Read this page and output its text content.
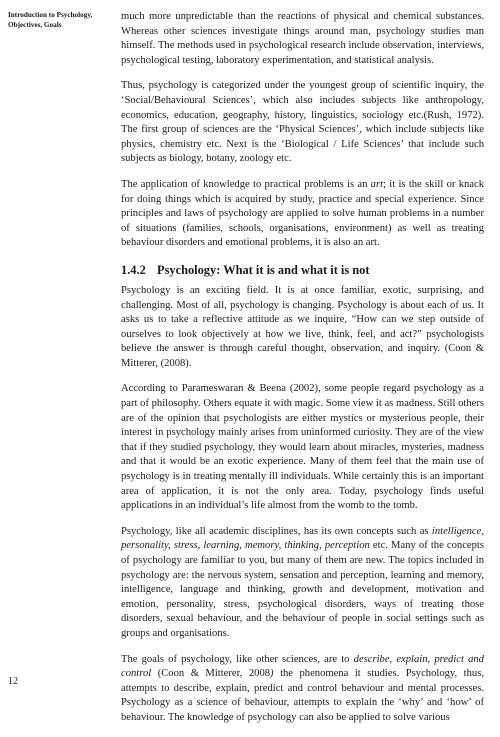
Introduction to Psychology,
Objectives, Goals

much more unpredictable than the reactions of physical and chemical substances. Whereas other sciences investigate things around man, psychology studies man himself. The methods used in psychological research include observation, interviews, psychological testing, laboratory experimentation, and statistical analysis.

Thus, psychology is categorized under the youngest group of scientific inquiry, the ‘Social/Behavioural Sciences’, which also includes subjects like anthropology, economics, education, geography, history, linguistics, sociology etc.(Rush, 1972). The first group of sciences are the ‘Physical Sciences’, which include subjects like physics, chemistry etc. Next is the ‘Biological / Life Sciences’ that include such subjects as biology, botany, zoology etc.

The application of knowledge to practical problems is an art; it is the skill or knack for doing things which is acquired by study, practice and special experience. Since principles and laws of psychology are applied to solve human problems in a number of situations (families, schools, organisations, environment) as well as treating behaviour disorders and emotional problems, it is also an art.

1.4.2 Psychology: What it is and what it is not

Psychology is an exciting field. It is at once familiar, exotic, surprising, and challenging. Most of all, psychology is changing. Psychology is about each of us. It asks us to take a reflective attitude as we inquire, “How can we step outside of ourselves to look objectively at how we live, think, feel, and act?” psychologists believe the answer is through careful thought, observation, and inquiry. (Coon & Mitterer, (2008).

According to Parameswaran & Beena (2002), some people regard psychology as a part of philosophy. Others equate it with magic. Some view it as madness. Still others are of the opinion that psychologists are either mystics or mysterious people, their interest in psychology mainly arises from uninformed curiosity. They are of the view that if they studied psychology, they would learn about miracles, mysteries, madness and that it would be an exotic experience. Many of them feel that the main use of psychology is in treating mentally ill individuals. While certainly this is an important area of application, it is not the only area. Today, psychology finds useful applications in an individual’s life almost from the womb to the tomb.

Psychology, like all academic disciplines, has its own concepts such as intelligence, personality, stress, learning, memory, thinking, perception etc. Many of the concepts of psychology are familiar to you, but many of them are new. The topics included in psychology are: the nervous system, sensation and perception, learning and memory, intelligence, language and thinking, growth and development, motivation and emotion, personality, stress, psychological disorders, ways of treating those disorders, sexual behaviour, and the behaviour of people in social settings such as groups and organisations.

The goals of psychology, like other sciences, are to describe, explain, predict and control (Coon & Mitterer, 2008) the phenomena it studies. Psychology, thus, attempts to describe, explain, predict and control behaviour and mental processes. Psychology as a science of behaviour, attempts to explain the ‘why’ and ‘how’ of behaviour. The knowledge of psychology can also be applied to solve various

12
